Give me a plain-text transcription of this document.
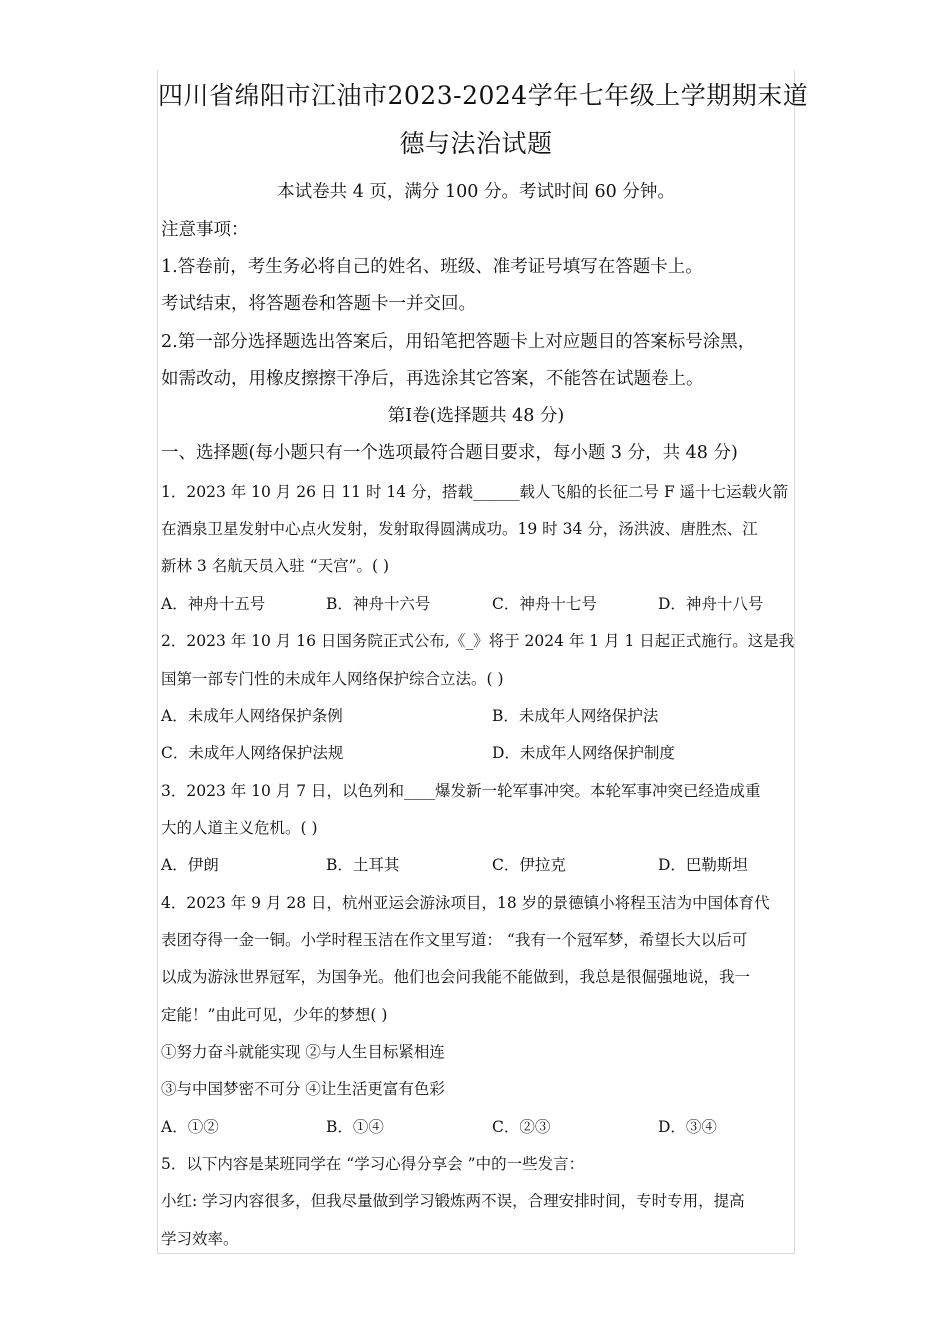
四川省绵阳市江油市2023-2024学年七年级上学期期末道
德与法治试题
本试卷共 4 页，满分 100 分。考试时间 60 分钟。
注意事项：
1.答卷前，考生务必将自己的姓名、班级、准考证号填写在答题卡上。
考试结束，将答题卷和答题卡一并交回。
2.第一部分选择题选出答案后，用铅笔把答题卡上对应题目的答案标号涂黑，
如需改动，用橡皮擦擦干净后，再选涂其它答案，不能答在试题卷上。
第Ⅰ卷(选择题共 48 分)
一、选择题(每小题只有一个选项最符合题目要求，每小题 3 分，共 48 分)
1．2023 年 10 月 26 日 11 时 14 分，搭载______载人飞船的长征二号 F 遥十七运载火箭
在酒泉卫星发射中心点火发射，发射取得圆满成功。19 时 34 分，汤洪波、唐胜杰、江
新林 3 名航天员入驻 “天宫”。( )
A．神舟十五号	B．神舟十六号	C．神舟十七号	D．神舟十八号
2．2023 年 10 月 16 日国务院正式公布,《_》将于 2024 年 1 月 1 日起正式施行。这是我
国第一部专门性的未成年人网络保护综合立法。( )
A．未成年人网络保护条例	B．未成年人网络保护法
C．未成年人网络保护法规	D．未成年人网络保护制度
3．2023 年 10 月 7 日，以色列和____爆发新一轮军事冲突。本轮军事冲突已经造成重
大的人道主义危机。( )
A．伊朗	B．土耳其	C．伊拉克	D．巴勒斯坦
4．2023 年 9 月 28 日，杭州亚运会游泳项目，18 岁的景德镇小将程玉洁为中国体育代
表团夺得一金一铜。小学时程玉洁在作文里写道： “我有一个冠军梦，希望长大以后可
以成为游泳世界冠军，为国争光。他们也会问我能不能做到，我总是很倔强地说，我一
定能！”由此可见，少年的梦想( )
①努力奋斗就能实现 ②与人生目标紧相连
③与中国梦密不可分 ④让生活更富有色彩
A．①②	B．①④	C．②③	D．③④
5．以下内容是某班同学在 “学习心得分享会 ”中的一些发言：
小红: 学习内容很多，但我尽量做到学习锻炼两不误，合理安排时间，专时专用，提高
学习效率。
